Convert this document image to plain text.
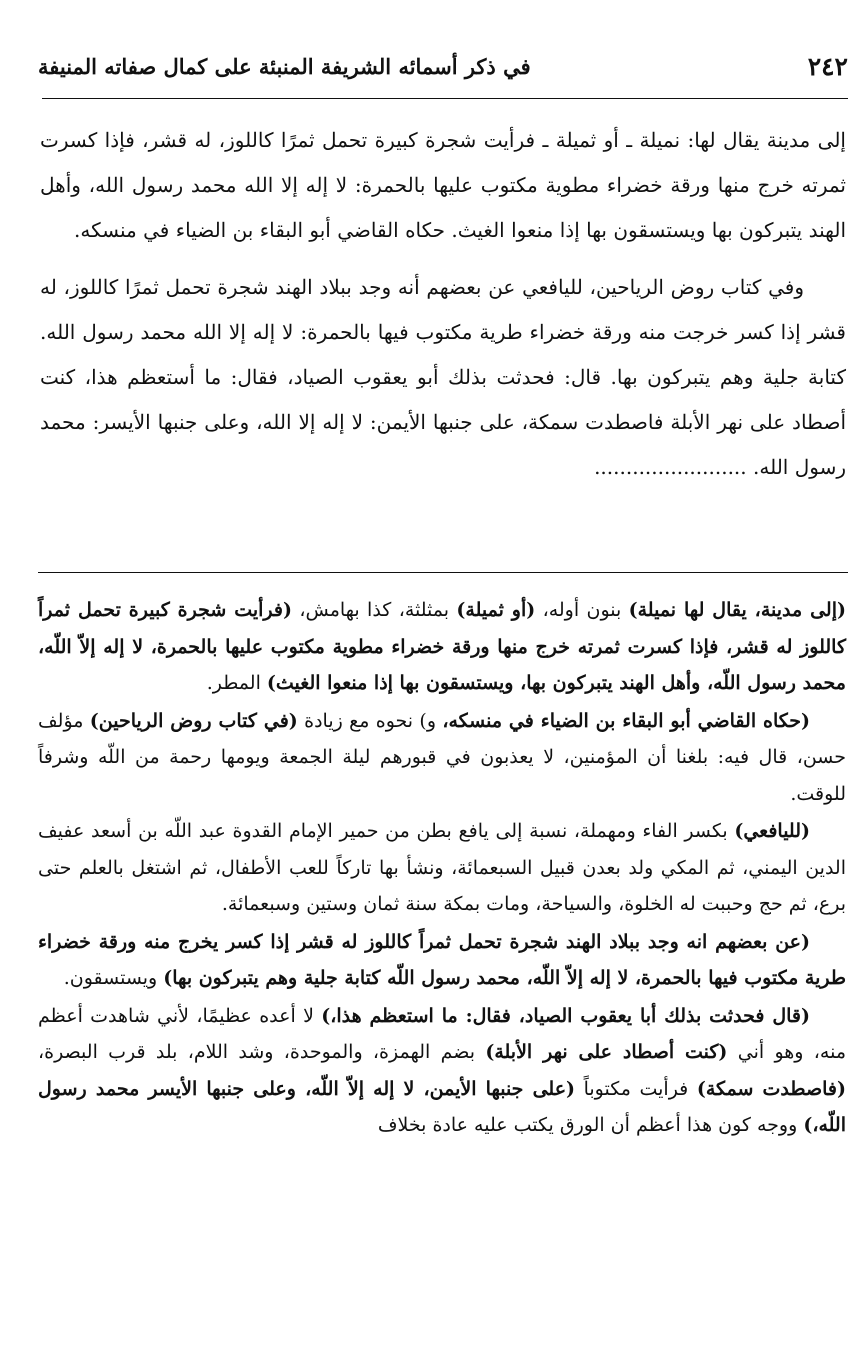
٢٤٢
في ذكر أسمائه الشريفة المنبئة على كمال صفاته المنيفة

إلى مدينة يقال لها: نميلة ـ أو ثميلة ـ فرأيت شجرة كبيرة تحمل ثمرًا كاللوز، له قشر، فإذا كسرت ثمرته خرج منها ورقة خضراء مطوية مكتوب عليها بالحمرة: لا إله إلا الله محمد رسول الله، وأهل الهند يتبركون بها ويستسقون بها إذا منعوا الغيث. حكاه القاضي أبو البقاء بن الضياء في منسكه.

وفي كتاب روض الرياحين، لليافعي عن بعضهم أنه وجد ببلاد الهند شجرة تحمل ثمرًا كاللوز، له قشر إذا كسر خرجت منه ورقة خضراء طرية مكتوب فيها بالحمرة: لا إله إلا الله محمد رسول الله. كتابة جلية وهم يتبركون بها. قال: فحدثت بذلك أبو يعقوب الصياد، فقال: ما أستعظم هذا، كنت أصطاد على نهر الأبلة فاصطدت سمكة، على جنبها الأيمن: لا إله إلا الله، وعلى جنبها الأيسر: محمد رسول الله. ........................

(إلى مدينة، يقال لها نميلة) بنون أوله، (أو ثميلة) بمثلثة، كذا بهامش، (فرأيت شجرة كبيرة تحمل ثمراً كاللوز له قشر، فإذا كسرت ثمرته خرج منها ورقة خضراء مطوية مكتوب عليها بالحمرة، لا إله إلاّ اللّه، محمد رسول اللّه، وأهل الهند يتبركون بها، ويستسقون بها إذا منعوا الغيث) المطر.

(حكاه القاضي أبو البقاء بن الضياء في منسكه، و) نحوه مع زيادة (في كتاب روض الرياحين) مؤلف حسن، قال فيه: بلغنا أن المؤمنين، لا يعذبون في قبورهم ليلة الجمعة ويومها رحمة من اللّه وشرفاً للوقت.

(لليافعي) بكسر الفاء ومهملة، نسبة إلى يافع بطن من حمير الإمام القدوة عبد اللّه بن أسعد عفيف الدين اليمني، ثم المكي ولد بعدن قبيل السبعمائة، ونشأ بها تاركاً للعب الأطفال، ثم اشتغل بالعلم حتى برع، ثم حج وحببت له الخلوة، والسياحة، ومات بمكة سنة ثمان وستين وسبعمائة.

(عن بعضهم انه وجد ببلاد الهند شجرة تحمل ثمراً كاللوز له قشر إذا كسر يخرج منه ورقة خضراء طرية مكتوب فيها بالحمرة، لا إله إلاّ اللّه، محمد رسول اللّه كتابة جلية وهم يتبركون بها) ويستسقون.

(قال فحدثت بذلك أبا يعقوب الصياد، فقال: ما استعظم هذا،) لا أعده عظيمًا، لأني شاهدت أعظم منه، وهو أني (كنت أصطاد على نهر الأبلة) بضم الهمزة، والموحدة، وشد اللام، بلد قرب البصرة، (فاصطدت سمكة) فرأيت مكتوباً (على جنبها الأيمن، لا إله إلاّ اللّه، وعلى جنبها الأيسر محمد رسول اللّه،) ووجه كون هذا أعظم أن الورق يكتب عليه عادة بخلاف
